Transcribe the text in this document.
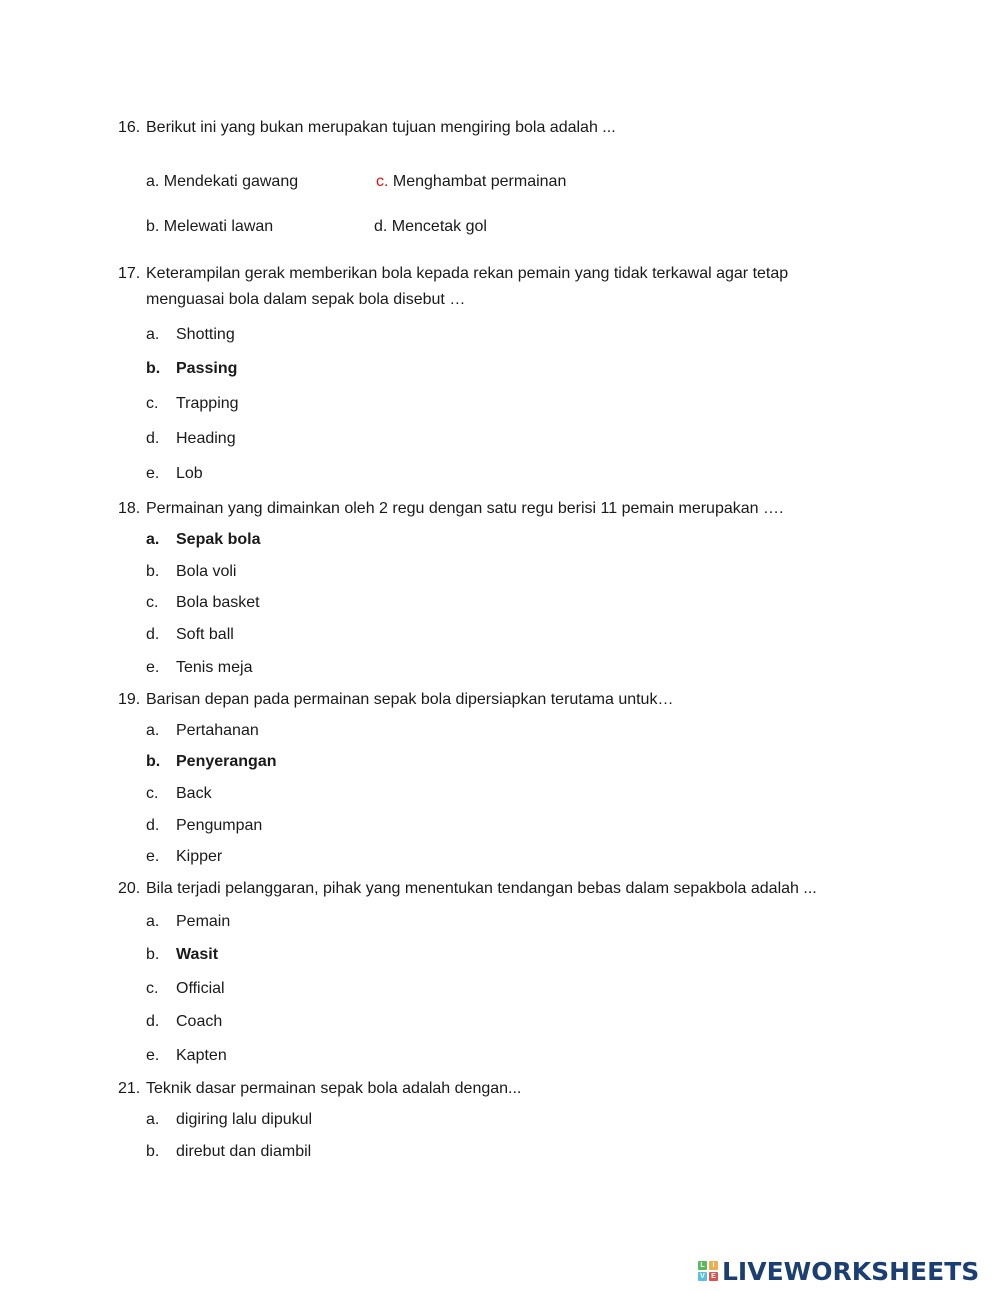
16. Berikut ini yang bukan merupakan tujuan mengiring bola adalah ...
a. Mendekati gawang	c. Menghambat permainan
b. Melewati lawan	d. Mencetak gol
17. Keterampilan gerak memberikan bola kepada rekan pemain yang tidak terkawal agar tetap menguasai bola dalam sepak bola disebut …
a. Shotting
b. Passing
c. Trapping
d. Heading
e. Lob
18. Permainan yang dimainkan oleh 2 regu dengan satu regu berisi 11 pemain merupakan ….
a. Sepak bola
b. Bola voli
c. Bola basket
d. Soft ball
e. Tenis meja
19. Barisan depan pada permainan sepak bola dipersiapkan terutama untuk…
a. Pertahanan
b. Penyerangan
c. Back
d. Pengumpan
e. Kipper
20. Bila terjadi pelanggaran, pihak yang menentukan tendangan bebas dalam sepakbola adalah ...
a. Pemain
b. Wasit
c. Official
d. Coach
e. Kapten
21. Teknik dasar permainan sepak bola adalah dengan...
a. digiring lalu dipukul
b. direbut dan diambil
L	I
V E LIVEWORKSHEETS
